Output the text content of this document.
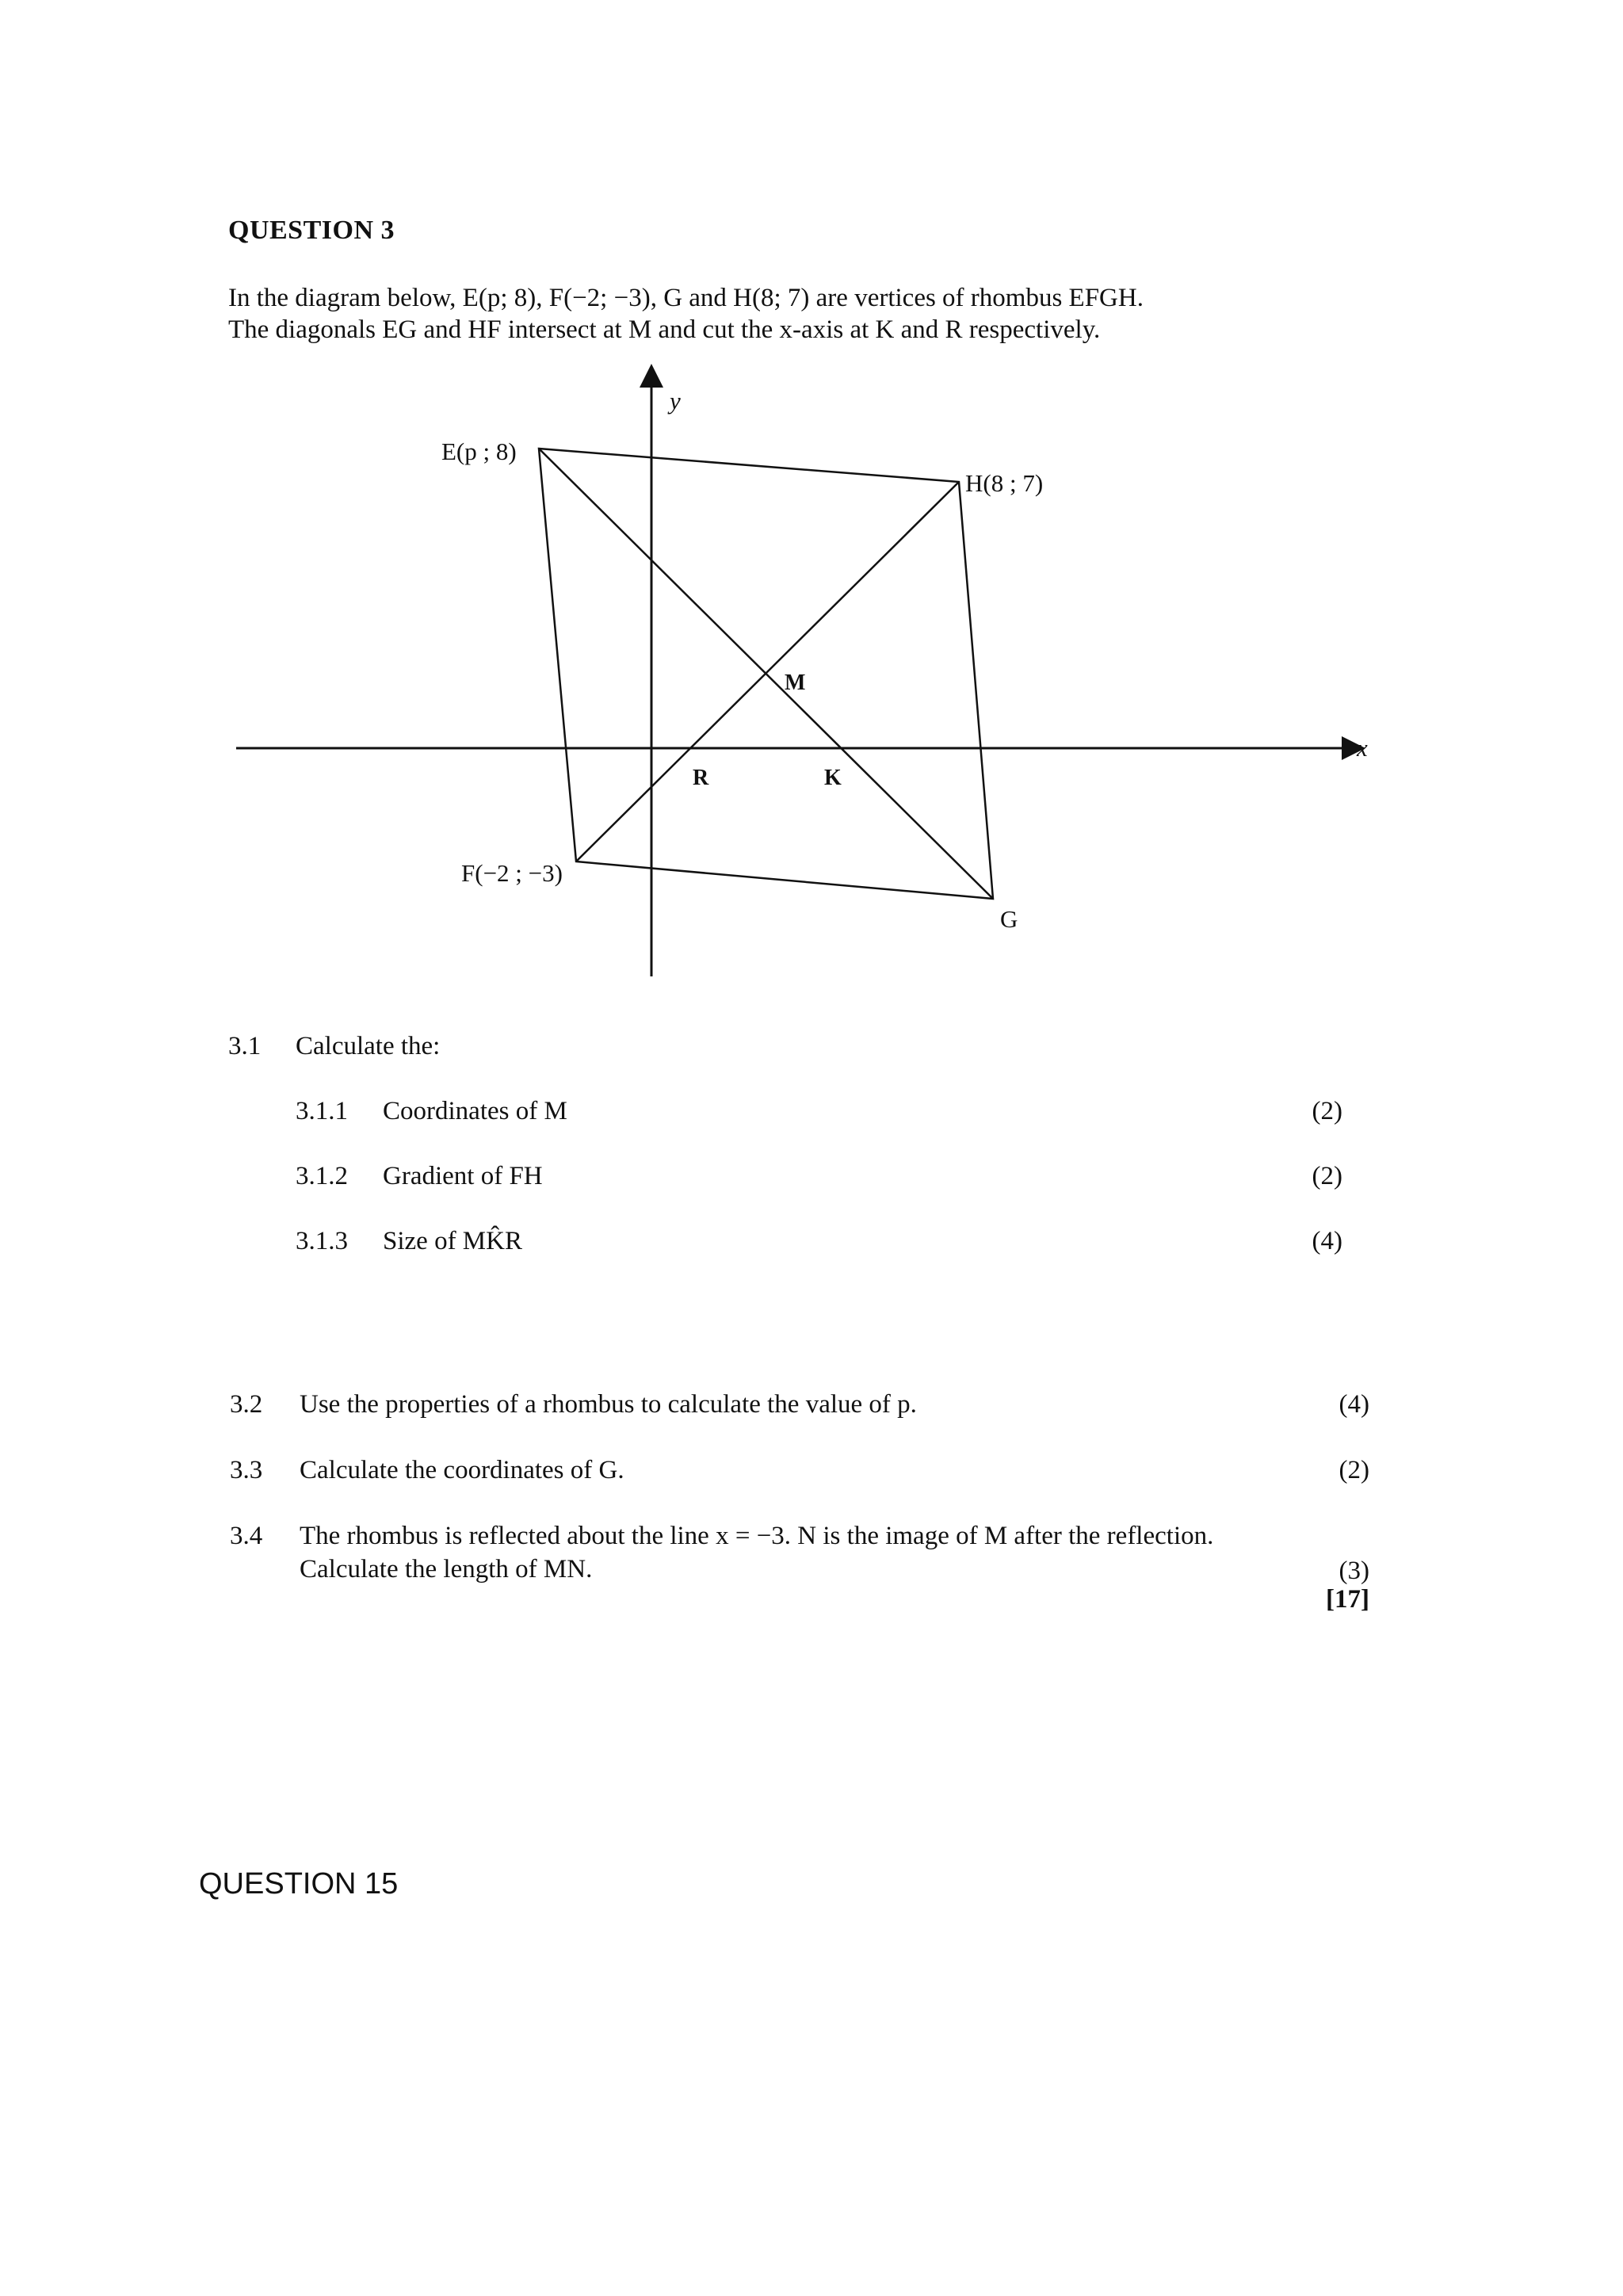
QUESTION 3
In the diagram below, E(p; 8), F(−2; −3), G and H(8; 7) are vertices of rhombus EFGH.
The diagonals EG and HF intersect at M and cut the x-axis at K and R respectively.
y
x
E(p ; 8)
H(8 ; 7)
F(−2 ; −3)
G
M
R	K
3.1 Calculate the:
3.1.1 Coordinates of M	(2)
3.1.2 Gradient of FH	(2)
3.1.3 Size of MK̂R	(4)
3.2 Use the properties of a rhombus to calculate the value of p.	(4)
3.3 Calculate the coordinates of G.	(2)
3.4 The rhombus is reflected about the line x = −3. N is the image of M after the reflection.
Calculate the length of MN.	(3)
[17]
QUESTION 15
